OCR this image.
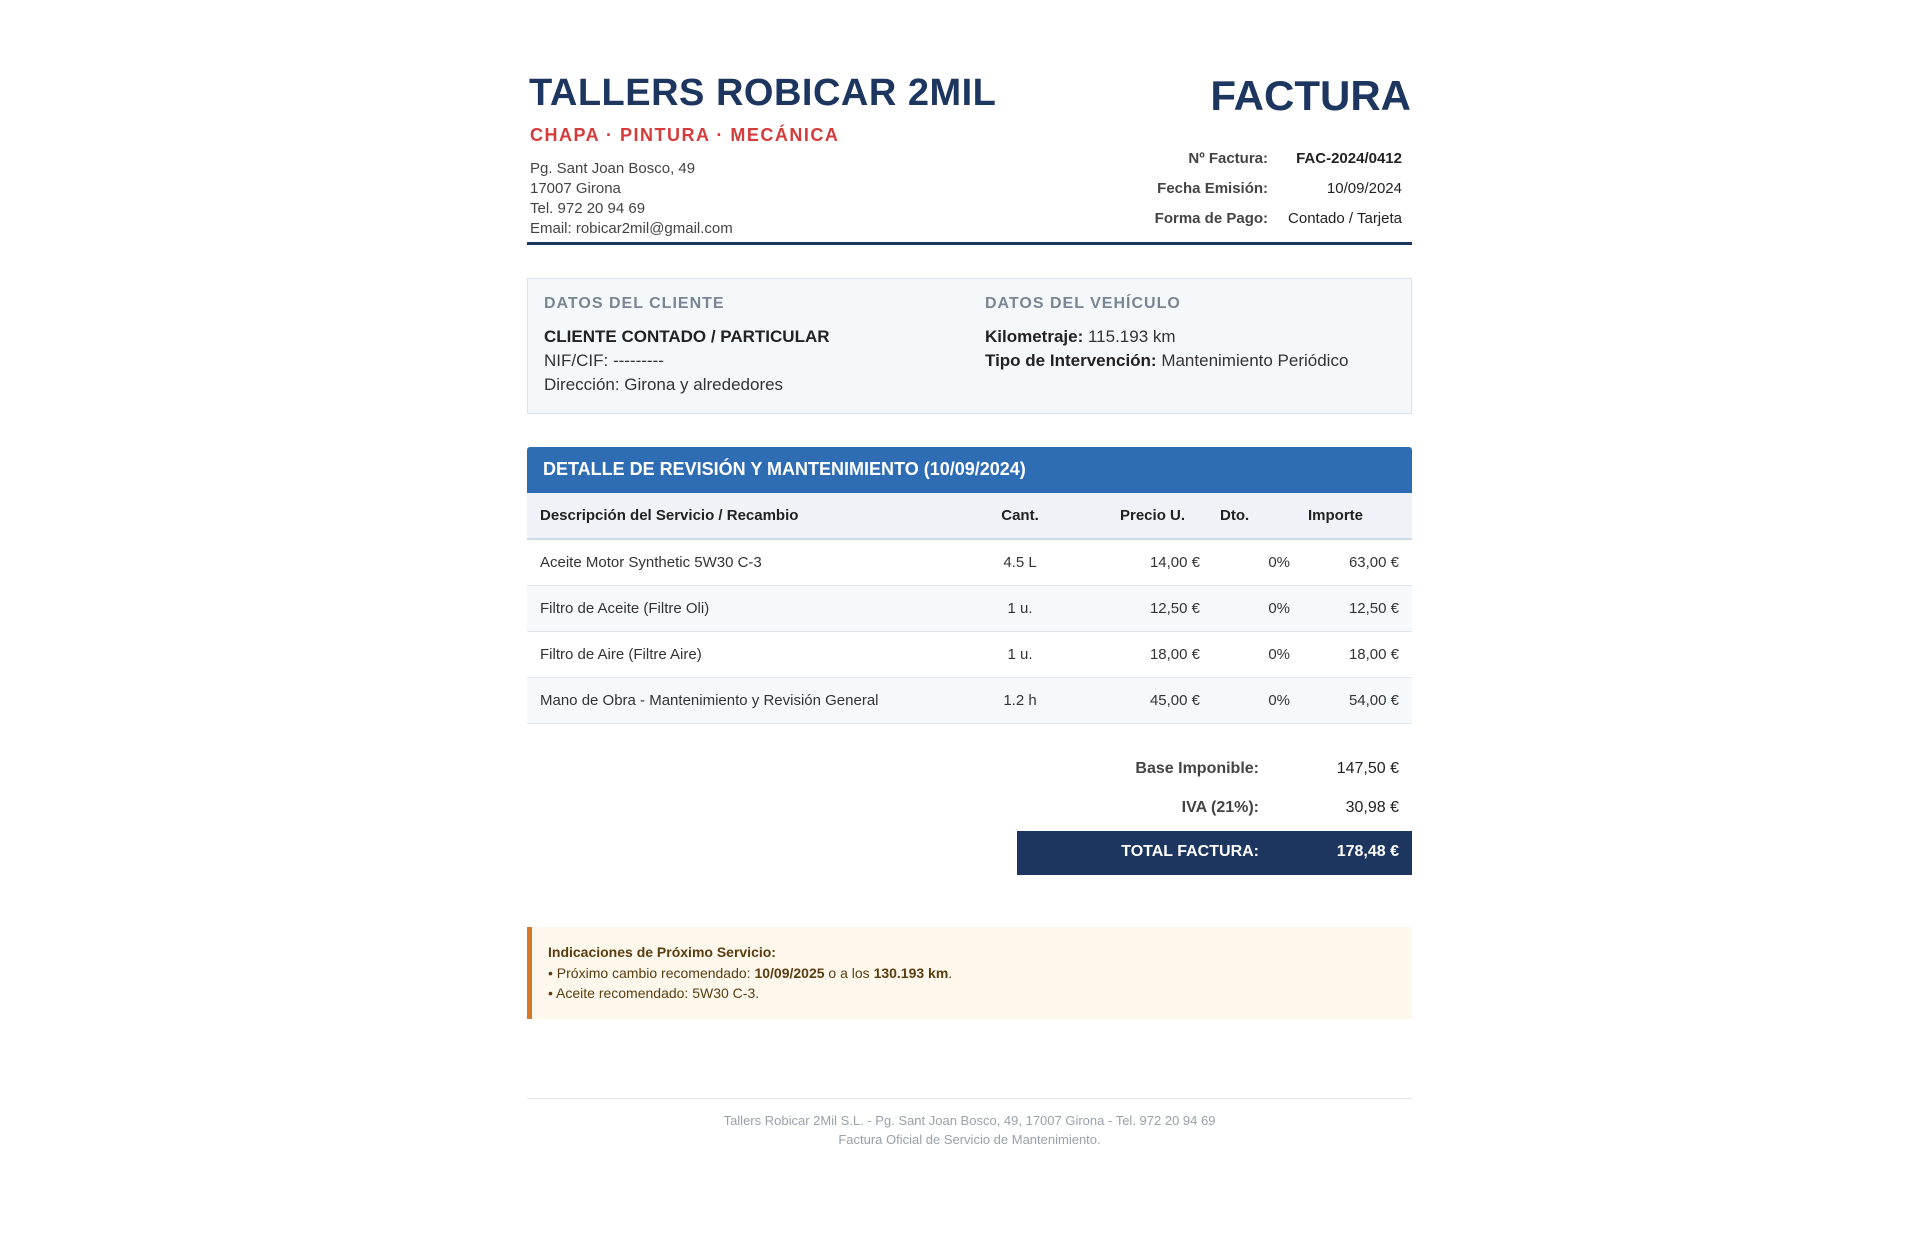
TALLERS ROBICAR 2MIL
CHAPA · PINTURA · MECÁNICA
Pg. Sant Joan Bosco, 49
17007 Girona
Tel. 972 20 94 69
Email: robicar2mil@gmail.com
FACTURA
Nº Factura:	FAC-2024/0412
Fecha Emisión:	10/09/2024
Forma de Pago:	Contado / Tarjeta
DATOS DEL CLIENTE
CLIENTE CONTADO / PARTICULAR
NIF/CIF: ---------
Dirección: Girona y alrededores
DATOS DEL VEHÍCULO
Kilometraje: 115.193 km
Tipo de Intervención: Mantenimiento Periódico
DETALLE DE REVISIÓN Y MANTENIMIENTO (10/09/2024)
Descripción del Servicio / Recambio	Cant.	Precio U.	Dto.	Importe
Aceite Motor Synthetic 5W30 C-3	4.5 L	14,00 €	0%	63,00 €
Filtro de Aceite (Filtre Oli)	1 u.	12,50 €	0%	12,50 €
Filtro de Aire (Filtre Aire)	1 u.	18,00 €	0%	18,00 €
Mano de Obra - Mantenimiento y Revisión General	1.2 h	45,00 €	0%	54,00 €
Base Imponible:	147,50 €
IVA (21%):	30,98 €
TOTAL FACTURA:	178,48 €
Indicaciones de Próximo Servicio:
• Próximo cambio recomendado: 10/09/2025 o a los 130.193 km.
• Aceite recomendado: 5W30 C-3.
Tallers Robicar 2Mil S.L. - Pg. Sant Joan Bosco, 49, 17007 Girona - Tel. 972 20 94 69
Factura Oficial de Servicio de Mantenimiento.
